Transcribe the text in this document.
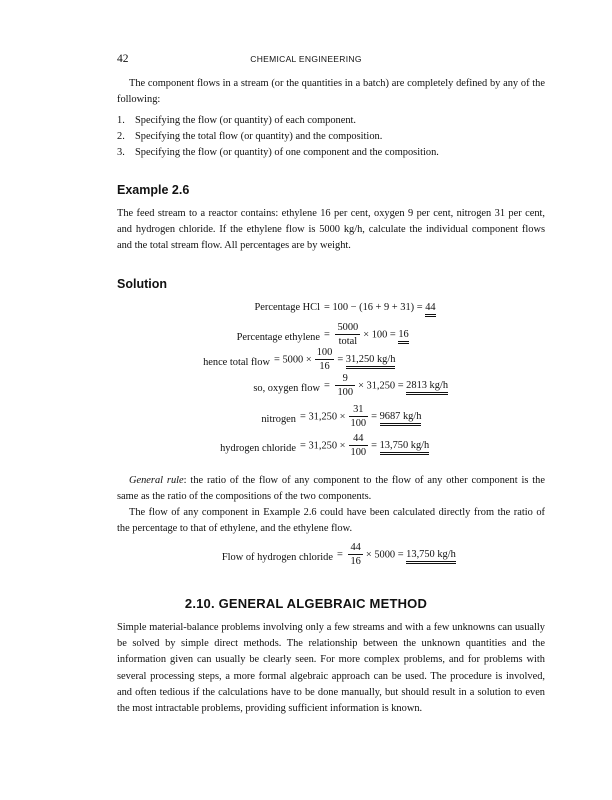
42	CHEMICAL ENGINEERING
The component flows in a stream (or the quantities in a batch) are completely defined by any of the following:
1. Specifying the flow (or quantity) of each component.
2. Specifying the total flow (or quantity) and the composition.
3. Specifying the flow (or quantity) of one component and the composition.
Example 2.6
The feed stream to a reactor contains: ethylene 16 per cent, oxygen 9 per cent, nitrogen 31 per cent, and hydrogen chloride. If the ethylene flow is 5000 kg/h, calculate the individual component flows and the total stream flow. All percentages are by weight.
Solution
Percentage HCl = 100 − (16 + 9 + 31) = 44
Percentage ethylene = $\frac{5000}{\text{total}} \times 100 = 16$
hence total flow = $5000 \times \frac{100}{16} = 31,250$ kg/h
so, oxygen flow = $\frac{9}{100} \times 31,250 = 2813$ kg/h
nitrogen = $31,250 \times \frac{31}{100} = 9687$ kg/h
hydrogen chloride = $31,250 \times \frac{44}{100} = 13,750$ kg/h
General rule: the ratio of the flow of any component to the flow of any other component is the same as the ratio of the compositions of the two components.
The flow of any component in Example 2.6 could have been calculated directly from the ratio of the percentage to that of ethylene, and the ethylene flow.
Flow of hydrogen chloride = $\frac{44}{16} \times 5000 = 13,750$ kg/h
2.10. GENERAL ALGEBRAIC METHOD
Simple material-balance problems involving only a few streams and with a few unknowns can usually be solved by simple direct methods. The relationship between the unknown quantities and the information given can usually be clearly seen. For more complex problems, and for problems with several processing steps, a more formal algebraic approach can be used. The procedure is involved, and often tedious if the calculations have to be done manually, but should result in a solution to even the most intractable problems, providing sufficient information is known.
